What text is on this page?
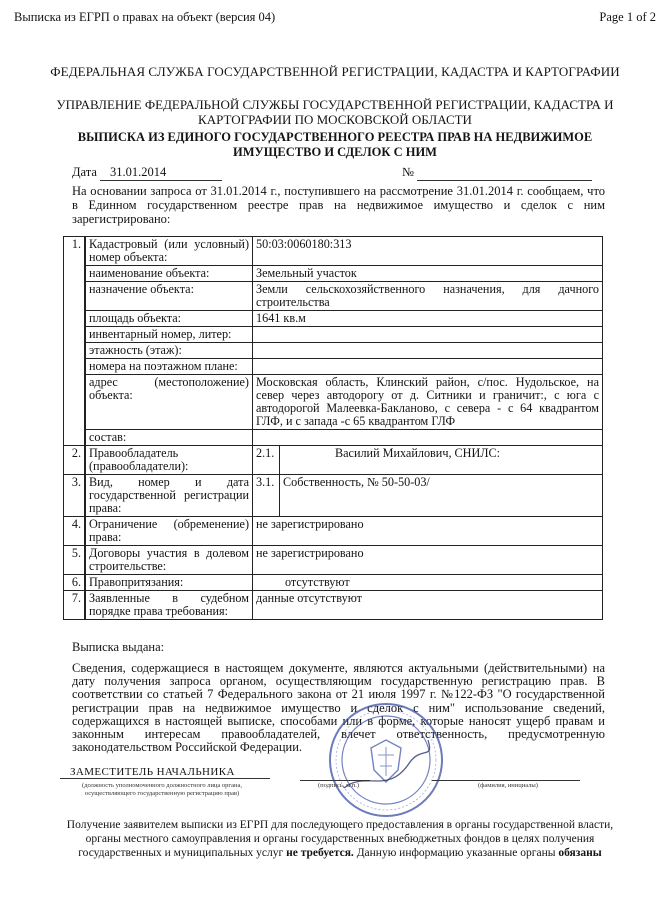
Выписка из ЕГРП о правах на объект (версия 04)	Page 1 of 2
ФЕДЕРАЛЬНАЯ СЛУЖБА ГОСУДАРСТВЕННОЙ РЕГИСТРАЦИИ, КАДАСТРА И КАРТОГРАФИИ
УПРАВЛЕНИЕ ФЕДЕРАЛЬНОЙ СЛУЖБЫ ГОСУДАРСТВЕННОЙ РЕГИСТРАЦИИ, КАДАСТРА И КАРТОГРАФИИ ПО МОСКОВСКОЙ ОБЛАСТИ
ВЫПИСКА ИЗ ЕДИНОГО ГОСУДАРСТВЕННОГО РЕЕСТРА ПРАВ НА НЕДВИЖИМОЕ ИМУЩЕСТВО И СДЕЛОК С НИМ
Дата 31.01.2014	№
На основании запроса от 31.01.2014 г., поступившего на рассмотрение 31.01.2014 г. сообщаем, что в Единном государственном реестре прав на недвижимое имущество и сделок с ним зарегистрировано:
1.	Кадастровый (или условный) номер объекта:	50:03:0060180:313	
	наименование объекта:	Земельный участок	
	назначение объекта:	Земли сельскохозяйственного назначения, для дачного строительства	
	площадь объекта:	1641 кв.м	
	инвентарный номер, литер:		
	этажность (этаж):		
	номера на поэтажном плане:		
	адрес (местоположение) объекта:	Московская область, Клинский район, с/пос. Нудольское, на север через автодорогу от д. Ситники и граничит:, с юга с автодорогой Малеевка-Бакланово, с севера - с 64 квадрантом ГЛФ, и с запада -с 65 квадрантом ГЛФ	
	состав:		
2.	Правообладатель (правообладатели):	2.1.	Василий Михайлович, СНИЛС:
3.	Вид, номер и дата государственной регистрации права:	3.1.	Собственность, № 50-50-03/
4.	Ограничение (обременение) права:	не зарегистрировано	
5.	Договоры участия в долевом строительстве:	не зарегистрировано	
6.	Правопритязания:	отсутствуют	
7.	Заявленные в судебном порядке права требования:	данные отсутствуют	
Выписка выдана:
Сведения, содержащиеся в настоящем документе, являются актуальными (действительными) на дату получения запроса органом, осуществляющим государственную регистрацию прав. В соответствии со статьей 7 Федерального закона от 21 июля 1997 г. №122-ФЗ "О государственной регистрации прав на недвижимое имущество и сделок с ним" использование сведений, содержащихся в настоящей выписке, способами или в форме, которые наносят ущерб правам и законным интересам правообладателей, влечет ответственность, предусмотренную законодательством Российской Федерации.
ЗАМЕСТИТЕЛЬ НАЧАЛЬНИКА
(должность уполномоченного должностного лица органа, осуществляющего государственную регистрацию прав)
(подпись, м.п.)	(фамилия, инициалы)
Получение заявителем выписки из ЕГРП для последующего предоставления в органы государственной власти, органы местного самоуправления и органы государственных внебюджетных фондов в целях получения государственных и муниципальных услуг не требуется. Данную информацию указанные органы обязаны
